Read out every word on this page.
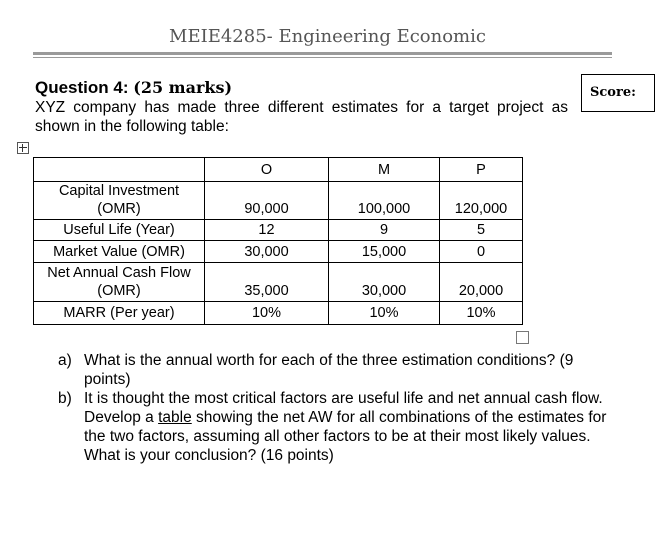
MEIE4285- Engineering Economic
Question 4: (25 marks)
XYZ company has made three different estimates for a target project as shown in the following table:
Score:
	O	M	P
Capital Investment (OMR)	90,000	100,000	120,000
Useful Life (Year)	12	9	5
Market Value (OMR)	30,000	15,000	0
Net Annual Cash Flow (OMR)	35,000	30,000	20,000
MARR (Per year)	10%	10%	10%
a) What is the annual worth for each of the three estimation conditions? (9 points)
b) It is thought the most critical factors are useful life and net annual cash flow. Develop a table showing the net AW for all combinations of the estimates for the two factors, assuming all other factors to be at their most likely values. What is your conclusion? (16 points)
